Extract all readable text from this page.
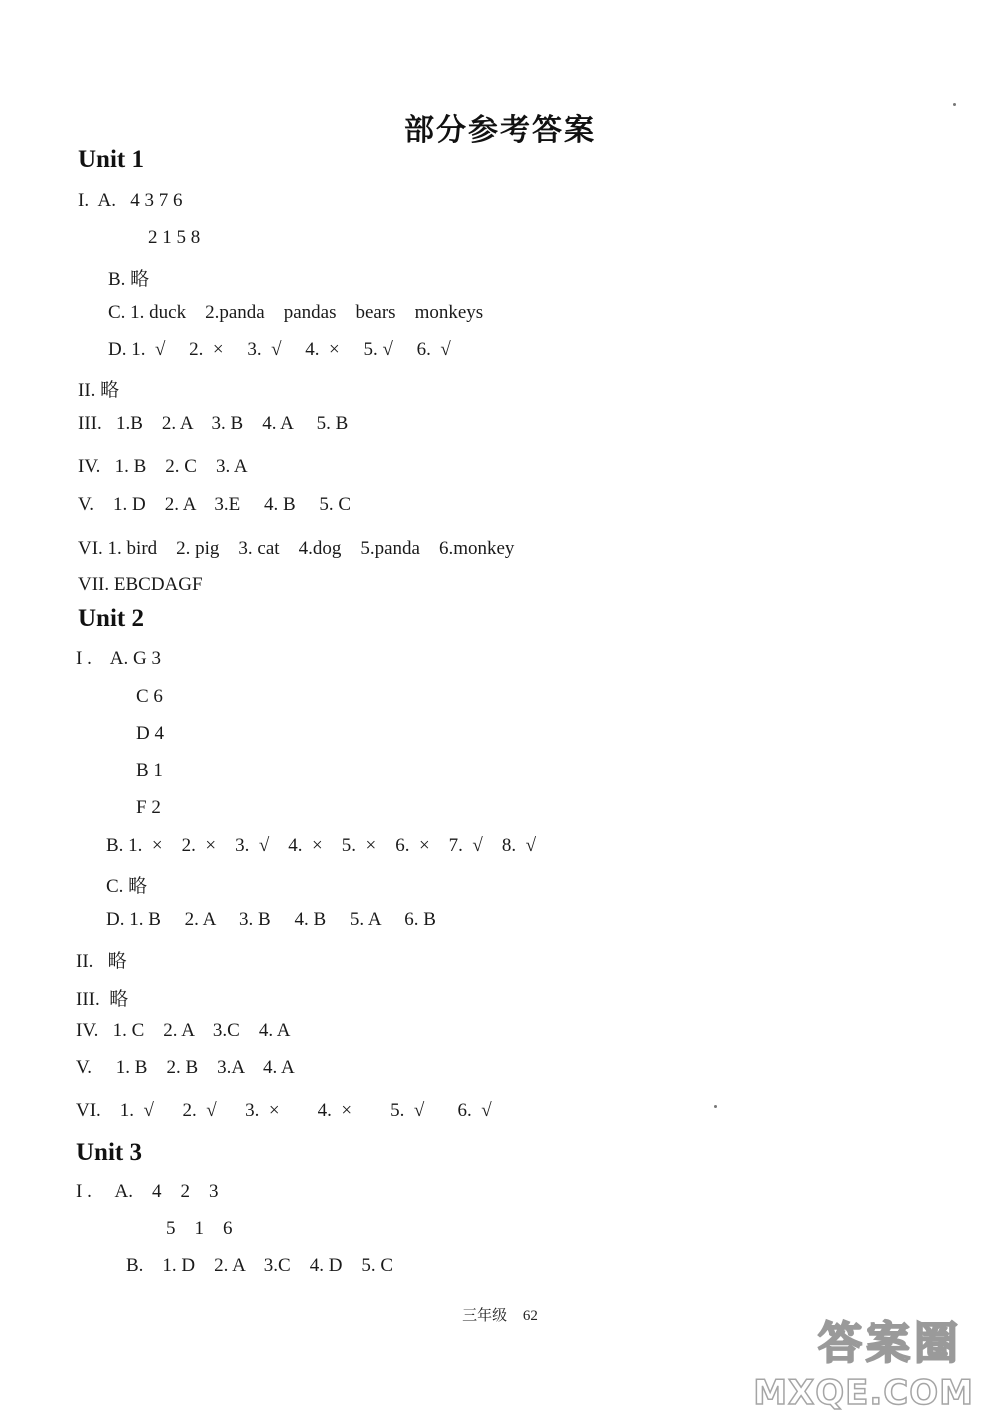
部分参考答案
Unit 1
I.  A.   4 3 7 6
2 1 5 8
B. 略
C. 1. duck    2.panda    pandas    bears    monkeys
D. 1.  √     2.  ×     3.  √     4.  ×     5. √     6.  √
II. 略
III.   1.B    2. A    3. B    4. A     5. B
IV.   1. B    2. C    3. A
V.    1. D    2. A    3.E     4. B     5. C
VI. 1. bird    2. pig    3. cat    4.dog    5.panda    6.monkey
VII. EBCDAGF
Unit 2
I .    A. G 3
C 6
D 4
B 1
F 2
B. 1.  ×    2.  ×    3.  √    4.  ×    5.  ×    6.  ×    7.  √    8.  √
C. 略
D. 1. B     2. A     3. B     4. B     5. A     6. B
II.   略
III.  略
IV.   1. C    2. A    3.C    4. A
V.     1. B    2. B    3.A    4. A
VI.    1.  √      2.  √      3.  ×        4.  ×        5.  √       6.  √
Unit 3
I .     A.    4    2    3
5    1    6
B.    1. D    2. A    3.C    4. D    5. C
三年级 62
答案圈
MXQE.COM
